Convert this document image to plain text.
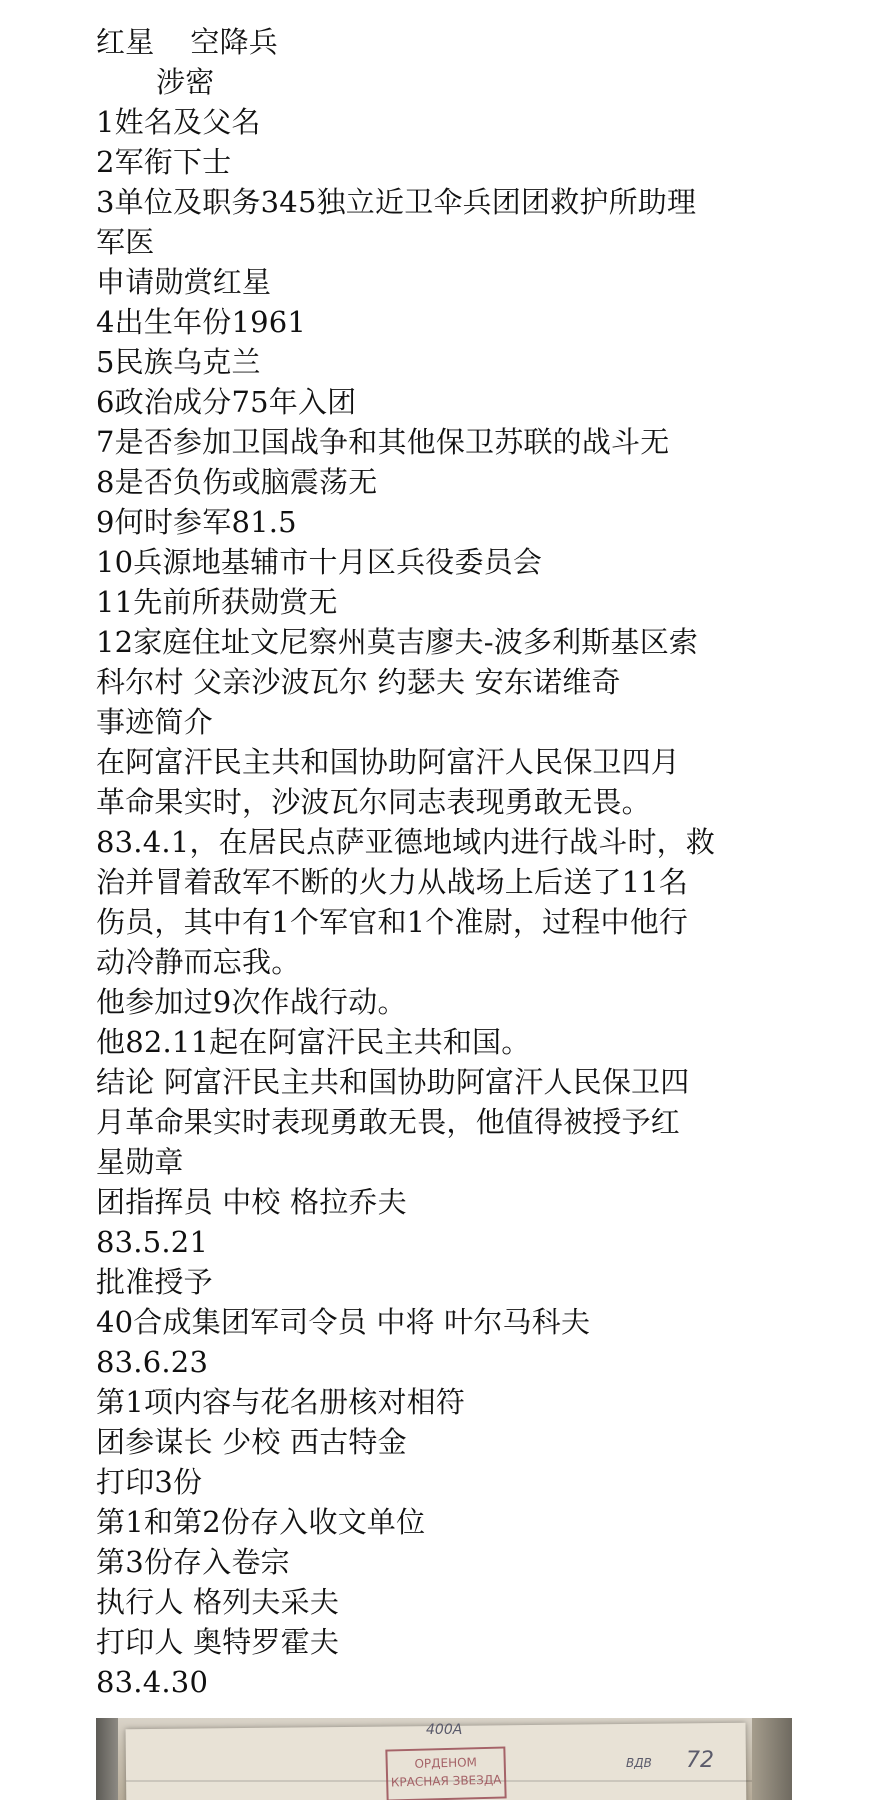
红星 空降兵
涉密
1姓名及父名
2军衔下士
3单位及职务345独立近卫伞兵团团救护所助理
军医
申请勋赏红星
4出生年份1961
5民族乌克兰
6政治成分75年入团
7是否参加卫国战争和其他保卫苏联的战斗无
8是否负伤或脑震荡无
9何时参军81.5
10兵源地基辅市十月区兵役委员会
11先前所获勋赏无
12家庭住址文尼察州莫吉廖夫-波多利斯基区索
科尔村 父亲沙波瓦尔 约瑟夫 安东诺维奇
事迹简介
在阿富汗民主共和国协助阿富汗人民保卫四月
革命果实时，沙波瓦尔同志表现勇敢无畏。
83.4.1，在居民点萨亚德地域内进行战斗时，救
治并冒着敌军不断的火力从战场上后送了11名
伤员，其中有1个军官和1个准尉，过程中他行
动冷静而忘我。
他参加过9次作战行动。
他82.11起在阿富汗民主共和国。
结论 阿富汗民主共和国协助阿富汗人民保卫四
月革命果实时表现勇敢无畏，他值得被授予红
星勋章
团指挥员 中校 格拉乔夫
83.5.21
批准授予
40合成集团军司令员 中将 叶尔马科夫
83.6.23
第1项内容与花名册核对相符
团参谋长 少校 西古特金
打印3份
第1和第2份存入收文单位
第3份存入卷宗
执行人 格列夫采夫
打印人 奥特罗霍夫
83.4.30
400А
ОРДЕНОМ
КРАСНАЯ ЗВЕЗДА
ВДВ 72
